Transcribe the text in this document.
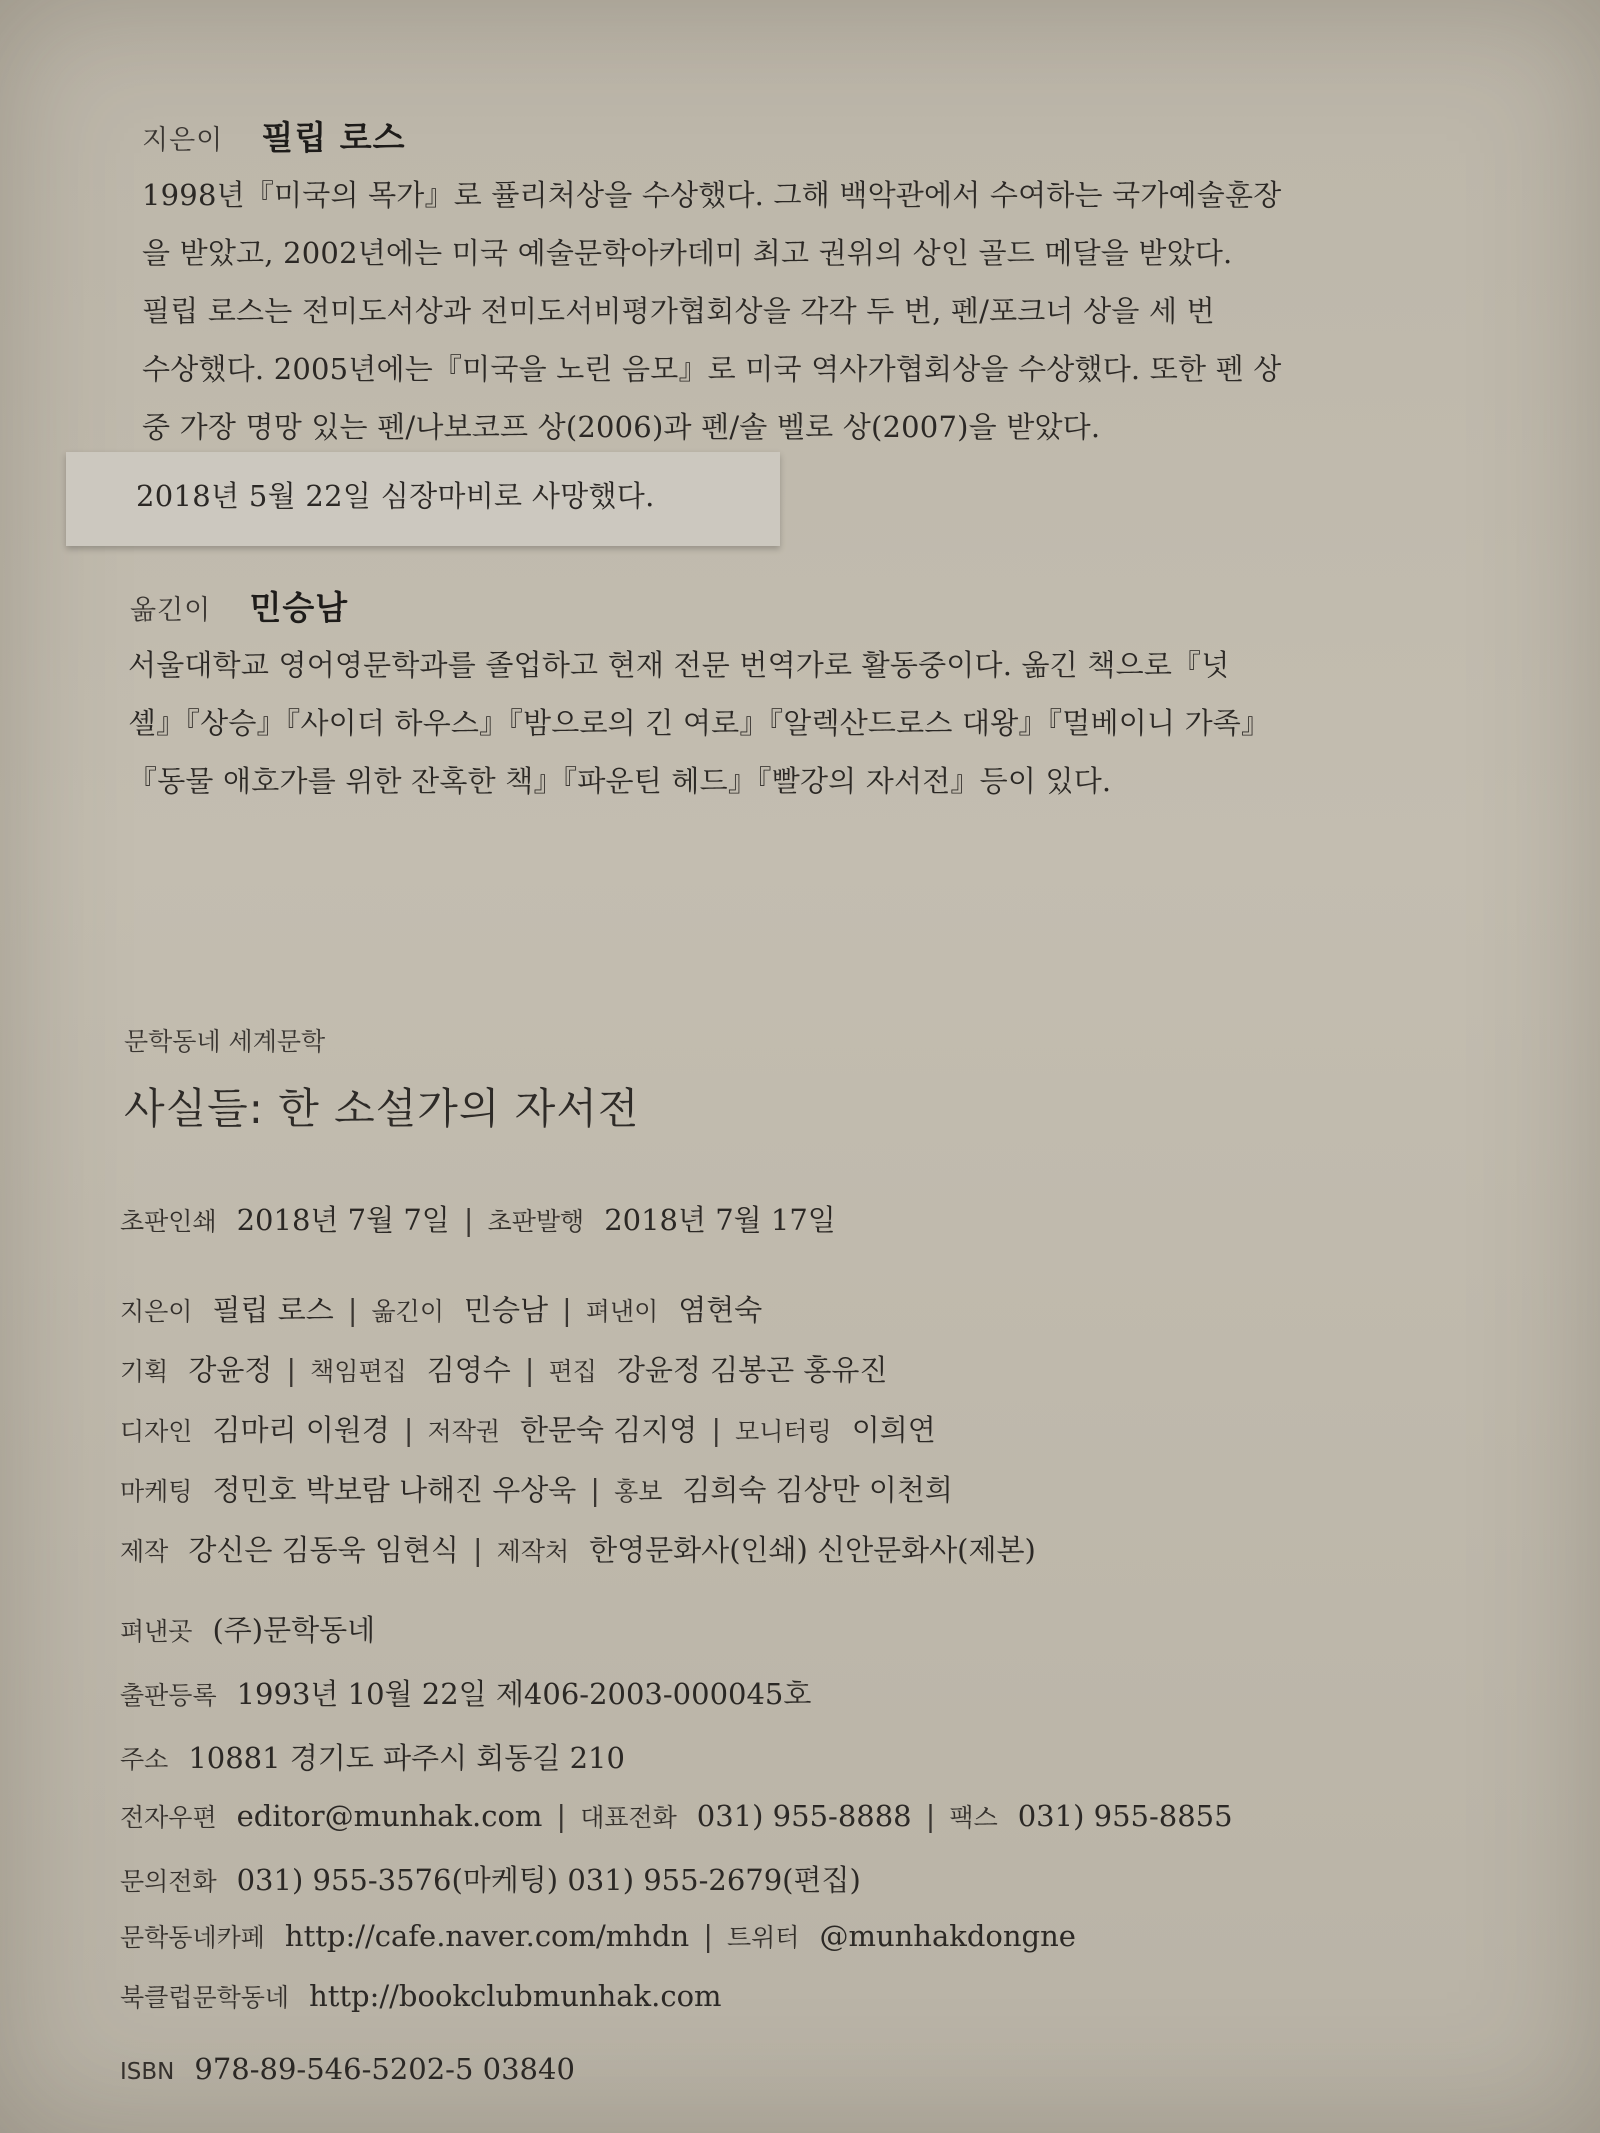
지은이 필립 로스

1998년『미국의 목가』로 퓰리처상을 수상했다. 그해 백악관에서 수여하는 국가예술훈장

을 받았고, 2002년에는 미국 예술문학아카데미 최고 권위의 상인 골드 메달을 받았다.

필립 로스는 전미도서상과 전미도서비평가협회상을 각각 두 번, 펜/포크너 상을 세 번

수상했다. 2005년에는『미국을 노린 음모』로 미국 역사가협회상을 수상했다. 또한 펜 상

중 가장 명망 있는 펜/나보코프 상(2006)과 펜/솔 벨로 상(2007)을 받았다.

2018년 5월 22일 심장마비로 사망했다.
옮긴이 민승남

서울대학교 영어영문학과를 졸업하고 현재 전문 번역가로 활동중이다. 옮긴 책으로『넛

셸』『상승』『사이더 하우스』『밤으로의 긴 여로』『알렉산드로스 대왕』『멀베이니 가족』

『동물 애호가를 위한 잔혹한 책』『파운틴 헤드』『빨강의 자서전』등이 있다.

문학동네 세계문학
사실들: 한 소설가의 자서전
초판인쇄 2018년 7월 7일 | 초판발행 2018년 7월 17일
지은이 필립 로스 | 옮긴이 민승남 | 펴낸이 염현숙
기획 강윤정 | 책임편집 김영수 | 편집 강윤정 김봉곤 홍유진
디자인 김마리 이원경 | 저작권 한문숙 김지영 | 모니터링 이희연
마케팅 정민호 박보람 나해진 우상욱 | 홍보 김희숙 김상만 이천희
제작 강신은 김동욱 임현식 | 제작처 한영문화사(인쇄) 신안문화사(제본)
펴낸곳 (주)문학동네
출판등록 1993년 10월 22일 제406-2003-000045호
주소 10881 경기도 파주시 회동길 210
전자우편 editor@munhak.com | 대표전화 031) 955-8888 | 팩스 031) 955-8855
문의전화 031) 955-3576(마케팅) 031) 955-2679(편집)
문학동네카페 http://cafe.naver.com/mhdn | 트위터 @munhakdongne
북클럽문학동네 http://bookclubmunhak.com
ISBN 978-89-546-5202-5 03840
